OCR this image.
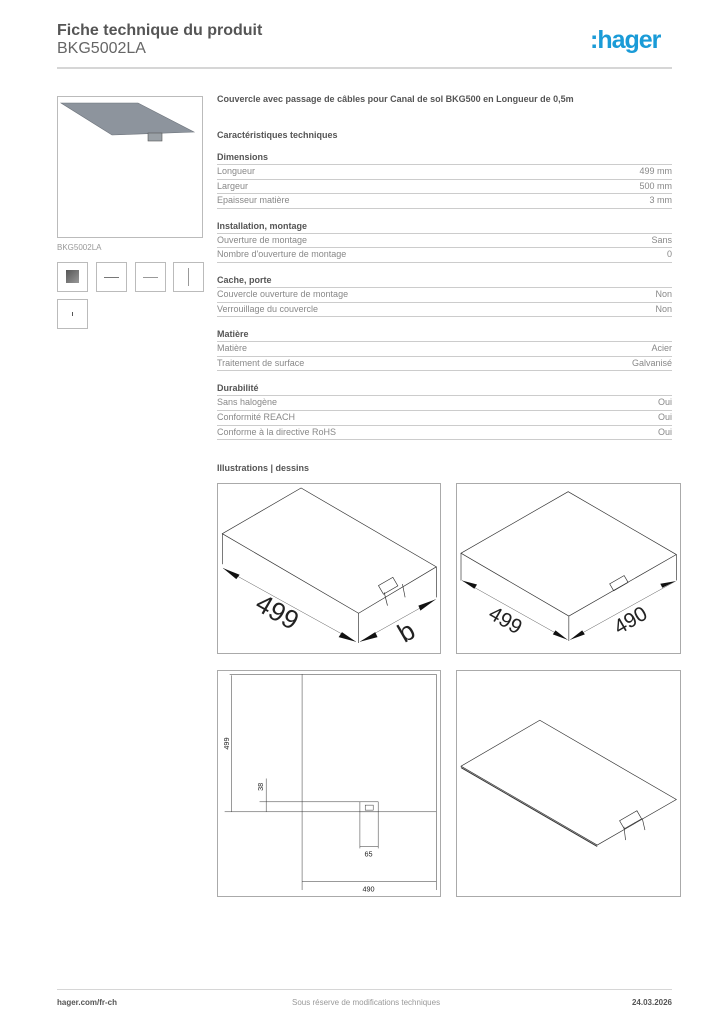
Fiche technique du produit
BKG5002LA	:hager
BKG5002LA
Couvercle avec passage de câbles pour Canal de sol BKG500 en Longueur de 0,5m
Caractéristiques techniques
Dimensions
Longueur	499 mm
Largeur	500 mm
Epaisseur matière	3 mm
Installation, montage
Ouverture de montage	Sans
Nombre d'ouverture de montage	0
Cache, porte
Couvercle ouverture de montage	Non
Verrouillage du couvercle	Non
Matière
Matière	Acier
Traitement de surface	Galvanisé
Durabilité
Sans halogène	Oui
Conformité REACH	Oui
Conforme à la directive RoHS	Oui
Illustrations | dessins
499 b 499 490
499
38
65
490
hager.com/fr-ch	Sous réserve de modifications techniques	24.03.2026
